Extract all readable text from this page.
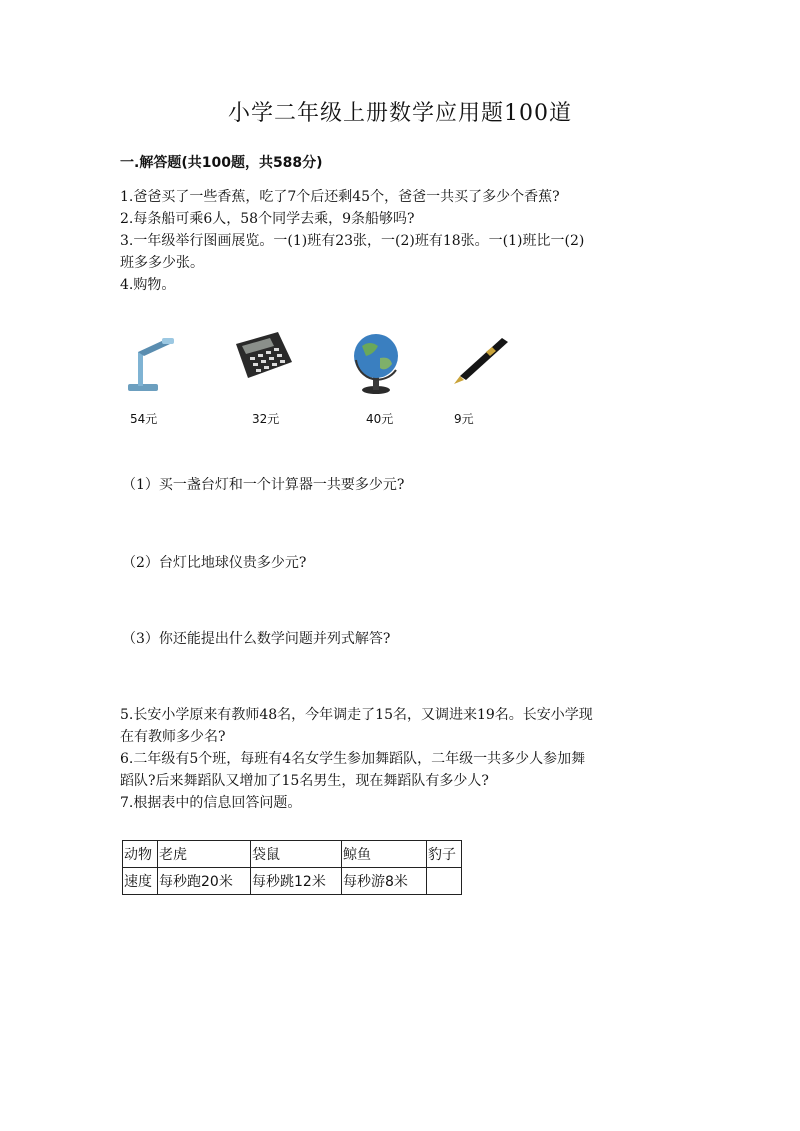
小学二年级上册数学应用题100道
一.解答题(共100题，共588分)

1.爸爸买了一些香蕉，吃了7个后还剩45个，爸爸一共买了多少个香蕉?

2.每条船可乘6人，58个同学去乘，9条船够吗?

3.一年级举行图画展览。一(1)班有23张，一(2)班有18张。一(1)班比一(2)

班多多少张。

4.购物。

54元	32元	40元	9元
（1）买一盏台灯和一个计算器一共要多少元?
（2）台灯比地球仪贵多少元?
（3）你还能提出什么数学问题并列式解答?

5.长安小学原来有教师48名，今年调走了15名，又调进来19名。长安小学现

在有教师多少名?

6.二年级有5个班，每班有4名女学生参加舞蹈队，二年级一共多少人参加舞

蹈队?后来舞蹈队又增加了15名男生，现在舞蹈队有多少人?

7.根据表中的信息回答问题。

动物	老虎	袋鼠	鲸鱼	豹子
速度	每秒跑20米	每秒跳12米	每秒游8米	
